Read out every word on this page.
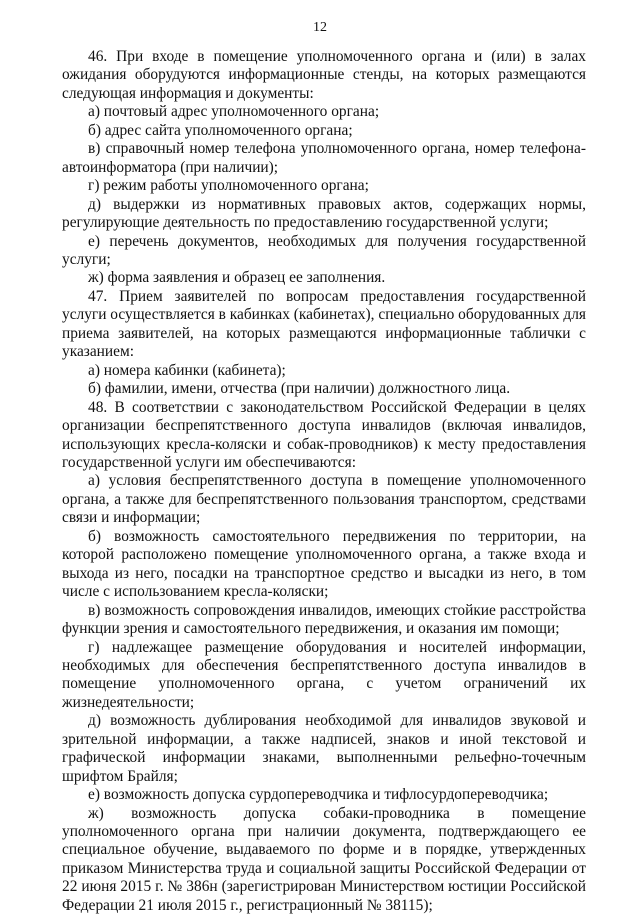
12

46. При входе в помещение уполномоченного органа и (или) в залах ожидания оборудуются информационные стенды, на которых размещаются следующая информация и документы:

а) почтовый адрес уполномоченного органа;

б) адрес сайта уполномоченного органа;

в) справочный номер телефона уполномоченного органа, номер телефона-автоинформатора (при наличии);

г) режим работы уполномоченного органа;

д) выдержки из нормативных правовых актов, содержащих нормы, регулирующие деятельность по предоставлению государственной услуги;

е) перечень документов, необходимых для получения государственной услуги;

ж) форма заявления и образец ее заполнения.

47. Прием заявителей по вопросам предоставления государственной услуги осуществляется в кабинках (кабинетах), специально оборудованных для приема заявителей, на которых размещаются информационные таблички с указанием:

а) номера кабинки (кабинета);

б) фамилии, имени, отчества (при наличии) должностного лица.

48. В соответствии с законодательством Российской Федерации в целях организации беспрепятственного доступа инвалидов (включая инвалидов, использующих кресла-коляски и собак-проводников) к месту предоставления государственной услуги им обеспечиваются:

а) условия беспрепятственного доступа в помещение уполномоченного органа, а также для беспрепятственного пользования транспортом, средствами связи и информации;

б) возможность самостоятельного передвижения по территории, на которой расположено помещение уполномоченного органа, а также входа и выхода из него, посадки на транспортное средство и высадки из него, в том числе с использованием кресла-коляски;

в) возможность сопровождения инвалидов, имеющих стойкие расстройства функции зрения и самостоятельного передвижения, и оказания им помощи;

г) надлежащее размещение оборудования и носителей информации, необходимых для обеспечения беспрепятственного доступа инвалидов в помещение уполномоченного органа, с учетом ограничений их жизнедеятельности;

д) возможность дублирования необходимой для инвалидов звуковой и зрительной информации, а также надписей, знаков и иной текстовой и графической информации знаками, выполненными рельефно-точечным шрифтом Брайля;

е) возможность допуска сурдопереводчика и тифлосурдопереводчика;

ж) возможность допуска собаки-проводника в помещение уполномоченного органа при наличии документа, подтверждающего ее специальное обучение, выдаваемого по форме и в порядке, утвержденных приказом Министерства труда и социальной защиты Российской Федерации от 22 июня 2015 г. № 386н (зарегистрирован Министерством юстиции Российской Федерации 21 июля 2015 г., регистрационный № 38115);
